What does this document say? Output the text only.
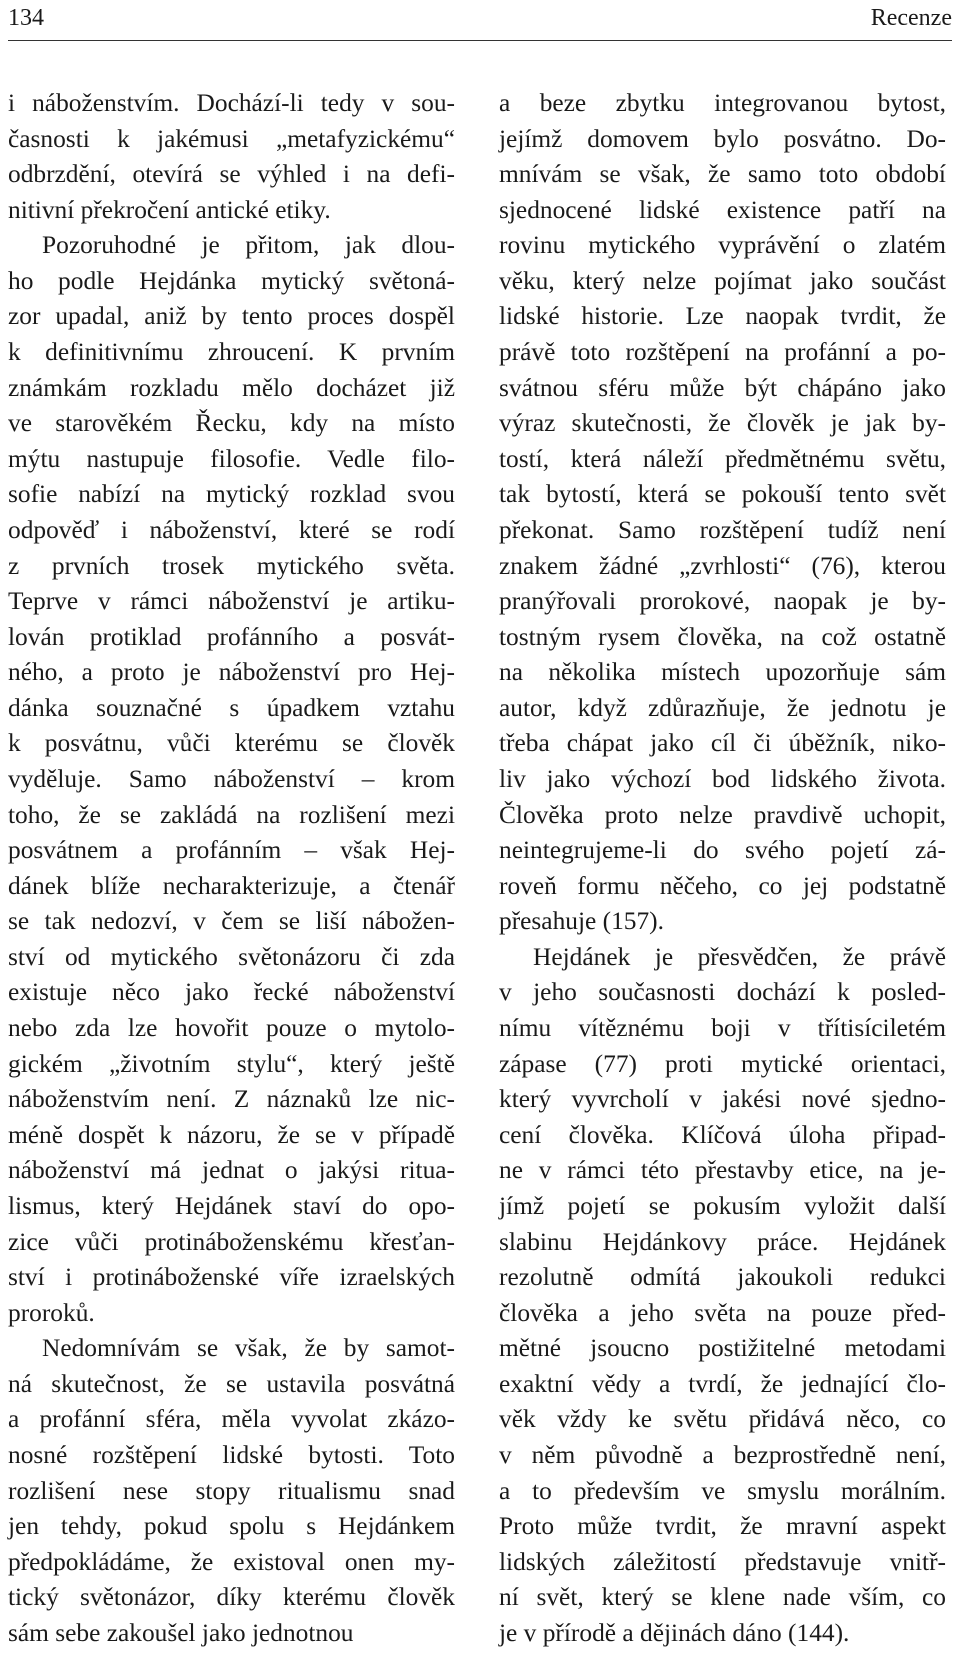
134	Recenze

i náboženstvím. Dochází-li tedy v sou-
časnosti k jakémusi „metafyzickému“
odbrzdění, otevírá se výhled i na defi-
nitivní překročení antické etiky.

Pozoruhodné je přitom, jak dlou-
ho podle Hejdánka mytický světoná-
zor upadal, aniž by tento proces dospěl
k definitivnímu zhroucení. K prvním
známkám rozkladu mělo docházet již
ve starověkém Řecku, kdy na místo
mýtu nastupuje filosofie. Vedle filo-
sofie nabízí na mytický rozklad svou
odpověď i náboženství, které se rodí
z prvních trosek mytického světa.
Teprve v rámci náboženství je artiku-
lován protiklad profánního a posvát-
ného, a proto je náboženství pro Hej-
dánka souznačné s úpadkem vztahu
k posvátnu, vůči kterému se člověk
vyděluje. Samo náboženství – krom
toho, že se zakládá na rozlišení mezi
posvátnem a profánním – však Hej-
dánek blíže necharakterizuje, a čtenář
se tak nedozví, v čem se liší nábožen-
ství od mytického světonázoru či zda
existuje něco jako řecké náboženství
nebo zda lze hovořit pouze o mytolo-
gickém „životním stylu“, který ještě
náboženstvím není. Z náznaků lze nic-
méně dospět k názoru, že se v případě
náboženství má jednat o jakýsi ritua-
lismus, který Hejdánek staví do opo-
zice vůči protináboženskému křesťan-
ství i protináboženské víře izraelských
proroků.

Nedomnívám se však, že by samot-
ná skutečnost, že se ustavila posvátná
a profánní sféra, měla vyvolat zkázo-
nosné rozštěpení lidské bytosti. Toto
rozlišení nese stopy ritualismu snad
jen tehdy, pokud spolu s Hejdánkem
předpokládáme, že existoval onen my-
tický světonázor, díky kterému člověk
sám sebe zakoušel jako jednotnou

a beze zbytku integrovanou bytost,
jejímž domovem bylo posvátno. Do-
mnívám se však, že samo toto období
sjednocené lidské existence patří na
rovinu mytického vyprávění o zlatém
věku, který nelze pojímat jako součást
lidské historie. Lze naopak tvrdit, že
právě toto rozštěpení na profánní a po-
svátnou sféru může být chápáno jako
výraz skutečnosti, že člověk je jak by-
tostí, která náleží předmětnému světu,
tak bytostí, která se pokouší tento svět
překonat. Samo rozštěpení tudíž není
znakem žádné „zvrhlosti“ (76), kterou
pranýřovali prorokové, naopak je by-
tostným rysem člověka, na což ostatně
na několika místech upozorňuje sám
autor, když zdůrazňuje, že jednotu je
třeba chápat jako cíl či úběžník, niko-
liv jako výchozí bod lidského života.
Člověka proto nelze pravdivě uchopit,
neintegrujeme-li do svého pojetí zá-
roveň formu něčeho, co jej podstatně
přesahuje (157).

Hejdánek je přesvědčen, že právě
v jeho současnosti dochází k posled-
nímu vítěznému boji v třítisíciletém
zápase (77) proti mytické orientaci,
který vyvrcholí v jakési nové sjedno-
cení člověka. Klíčová úloha připad-
ne v rámci této přestavby etice, na je-
jímž pojetí se pokusím vyložit další
slabinu Hejdánkovy práce. Hejdánek
rezolutně odmítá jakoukoli redukci
člověka a jeho světa na pouze před-
mětné jsoucno postižitelné metodami
exaktní vědy a tvrdí, že jednající člo-
věk vždy ke světu přidává něco, co
v něm původně a bezprostředně není,
a to především ve smyslu morálním.
Proto může tvrdit, že mravní aspekt
lidských záležitostí představuje vnitř-
ní svět, který se klene nade vším, co
je v přírodě a dějinách dáno (144).
